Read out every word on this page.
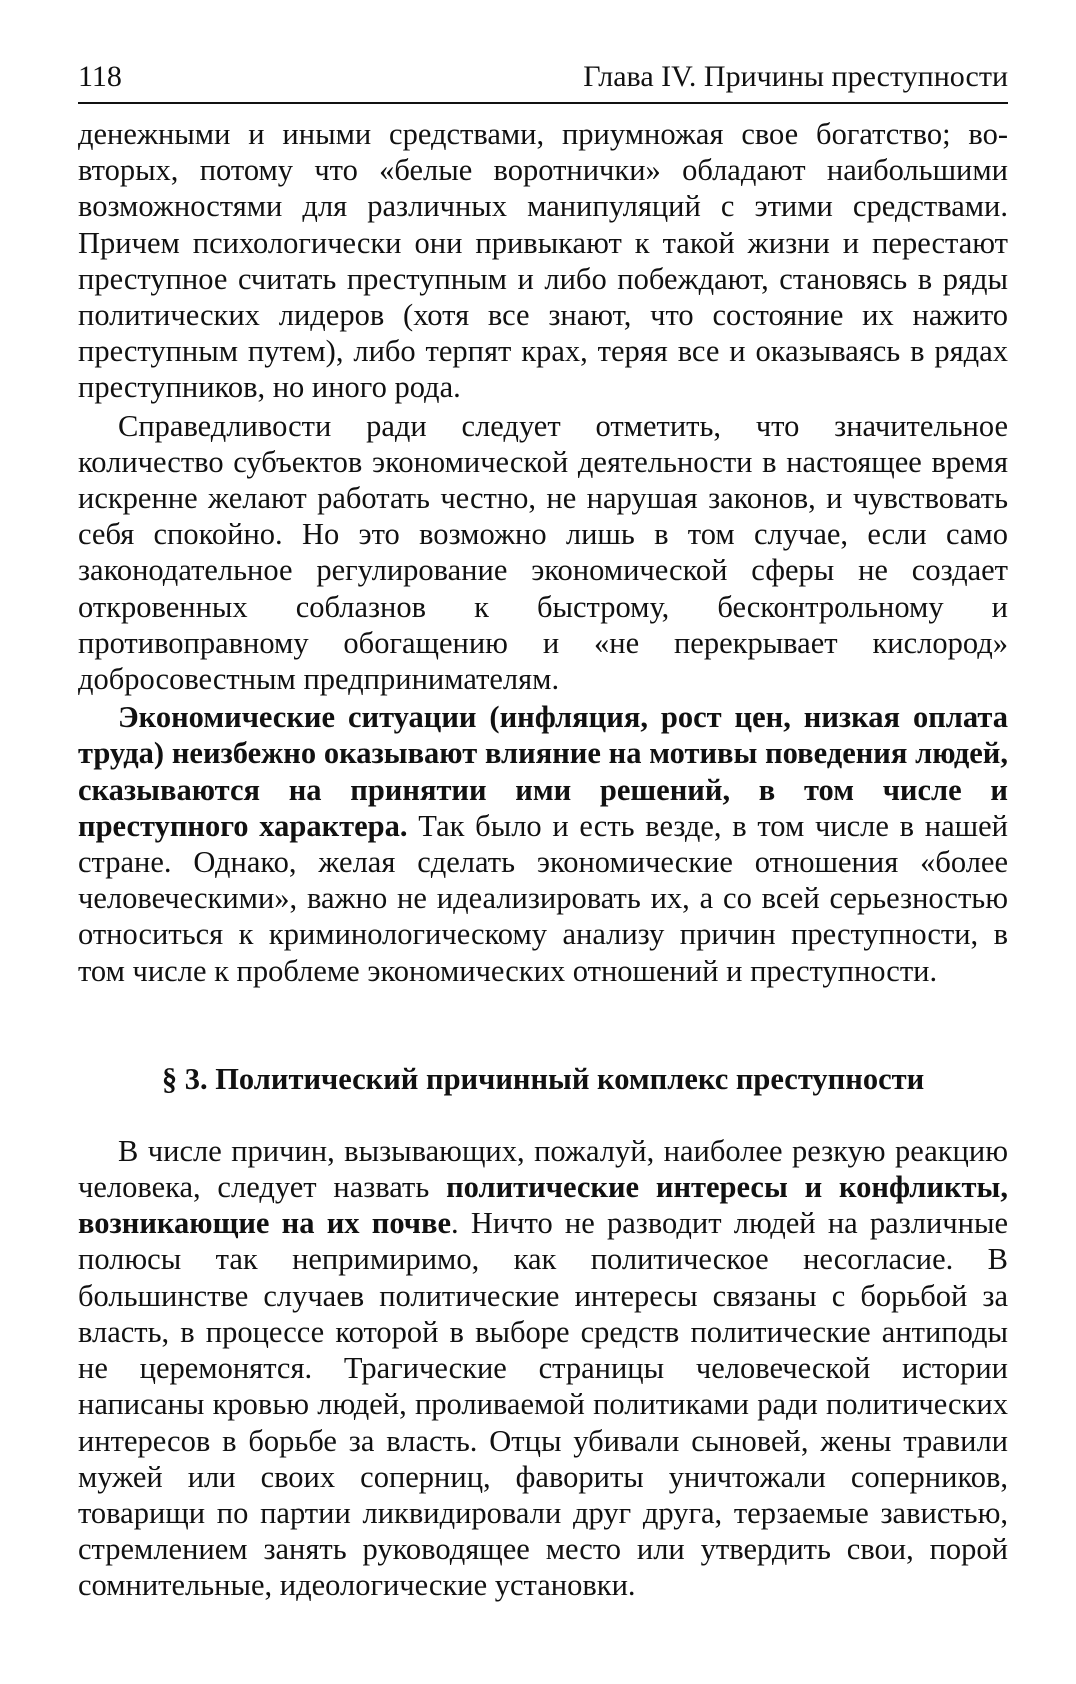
118	Глава IV. Причины преступности

денежными и иными средствами, приумножая свое богатство; во-вторых, потому что «белые воротнички» обладают наибольшими возможностями для различных манипуляций с этими средствами. Причем психологически они привыкают к такой жизни и перестают преступное считать преступным и либо побеждают, становясь в ряды политических лидеров (хотя все знают, что состояние их нажито преступным путем), либо терпят крах, теряя все и оказываясь в рядах преступников, но иного рода.

Справедливости ради следует отметить, что значительное количество субъектов экономической деятельности в настоящее время искренне желают работать честно, не нарушая законов, и чувствовать себя спокойно. Но это возможно лишь в том случае, если само законодательное регулирование экономической сферы не создает откровенных соблазнов к быстрому, бесконтрольному и противоправному обогащению и «не перекрывает кислород» добросовестным предпринимателям.

Экономические ситуации (инфляция, рост цен, низкая оплата труда) неизбежно оказывают влияние на мотивы поведения людей, сказываются на принятии ими решений, в том числе и преступного характера. Так было и есть везде, в том числе в нашей стране. Однако, желая сделать экономические отношения «более человеческими», важно не идеализировать их, а со всей серьезностью относиться к криминологическому анализу причин преступности, в том числе к проблеме экономических отношений и преступности.

§ 3. Политический причинный комплекс преступности

В числе причин, вызывающих, пожалуй, наиболее резкую реакцию человека, следует назвать политические интересы и конфликты, возникающие на их почве. Ничто не разводит людей на различные полюсы так непримиримо, как политическое несогласие. В большинстве случаев политические интересы связаны с борьбой за власть, в процессе которой в выборе средств политические антиподы не церемонятся. Трагические страницы человеческой истории написаны кровью людей, проливаемой политиками ради политических интересов в борьбе за власть. Отцы убивали сыновей, жены травили мужей или своих соперниц, фавориты уничтожали соперников, товарищи по партии ликвидировали друг друга, терзаемые завистью, стремлением занять руководящее место или утвердить свои, порой сомнительные, идеологические установки.
